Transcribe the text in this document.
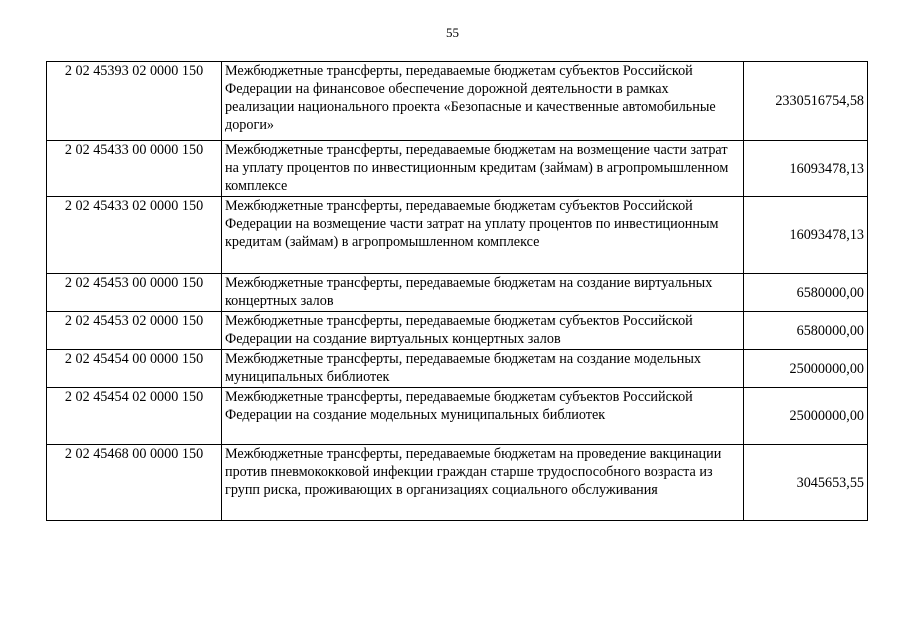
55
2 02 45393 02 0000 150	Межбюджетные трансферты, передаваемые бюджетам субъектов Российской Федерации на финансовое обеспечение дорожной деятельности в рамках реализации национального проекта «Безопасные и качественные автомобильные дороги»	2330516754,58
2 02 45433 00 0000 150	Межбюджетные трансферты, передаваемые бюджетам на возмещение части затрат на уплату процентов по инвестиционным кредитам (займам) в агропромышленном комплексе	16093478,13
2 02 45433 02 0000 150	Межбюджетные трансферты, передаваемые бюджетам субъектов Российской Федерации на возмещение части затрат на уплату процентов по инвестиционным кредитам (займам) в агропромышленном комплексе	16093478,13
2 02 45453 00 0000 150	Межбюджетные трансферты, передаваемые бюджетам на создание виртуальных концертных залов	6580000,00
2 02 45453 02 0000 150	Межбюджетные трансферты, передаваемые бюджетам субъектов Российской Федерации на создание виртуальных концертных залов	6580000,00
2 02 45454 00 0000 150	Межбюджетные трансферты, передаваемые бюджетам на создание модельных муниципальных библиотек	25000000,00
2 02 45454 02 0000 150	Межбюджетные трансферты, передаваемые бюджетам субъектов Российской Федерации на создание модельных муниципальных библиотек	25000000,00
2 02 45468 00 0000 150	Межбюджетные трансферты, передаваемые бюджетам на проведение вакцинации против пневмококковой инфекции граждан старше трудоспособного возраста из групп риска, проживающих в организациях социального обслуживания	3045653,55
